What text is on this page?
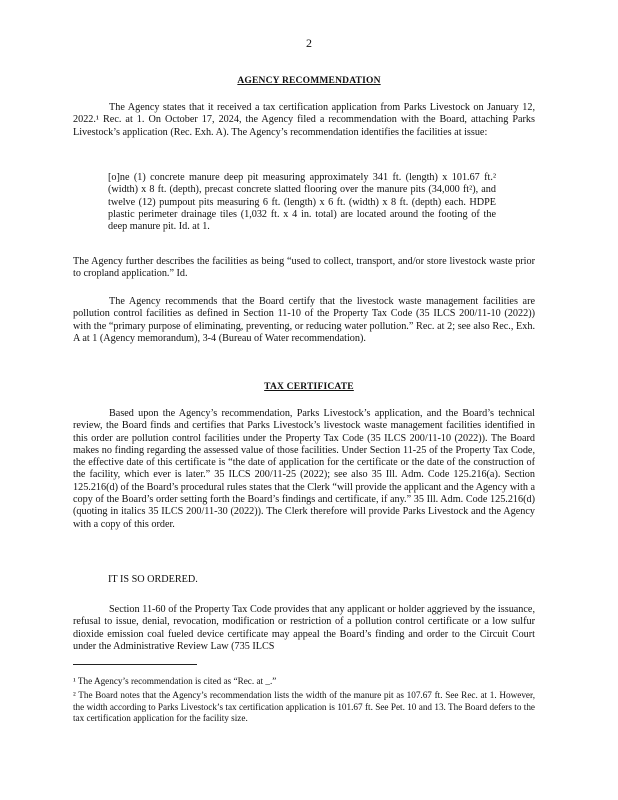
2
AGENCY RECOMMENDATION

The Agency states that it received a tax certification application from Parks Livestock on January 12, 2022.¹ Rec. at 1. On October 17, 2024, the Agency filed a recommendation with the Board, attaching Parks Livestock’s application (Rec. Exh. A). The Agency’s recommendation identifies the facilities at issue:

[o]ne (1) concrete manure deep pit measuring approximately 341 ft. (length) x 101.67 ft.² (width) x 8 ft. (depth), precast concrete slatted flooring over the manure pits (34,000 ft²), and twelve (12) pumpout pits measuring 6 ft. (length) x 6 ft. (width) x 8 ft. (depth) each. HDPE plastic perimeter drainage tiles (1,032 ft. x 4 in. total) are located around the footing of the deep manure pit. Id. at 1.

The Agency further describes the facilities as being “used to collect, transport, and/or store livestock waste prior to cropland application.” Id.

The Agency recommends that the Board certify that the livestock waste management facilities are pollution control facilities as defined in Section 11-10 of the Property Tax Code (35 ILCS 200/11-10 (2022)) with the “primary purpose of eliminating, preventing, or reducing water pollution.” Rec. at 2; see also Rec., Exh. A at 1 (Agency memorandum), 3-4 (Bureau of Water recommendation).

TAX CERTIFICATE

Based upon the Agency’s recommendation, Parks Livestock’s application, and the Board’s technical review, the Board finds and certifies that Parks Livestock’s livestock waste management facilities identified in this order are pollution control facilities under the Property Tax Code (35 ILCS 200/11-10 (2022)). The Board makes no finding regarding the assessed value of those facilities. Under Section 11-25 of the Property Tax Code, the effective date of this certificate is “the date of application for the certificate or the date of the construction of the facility, which ever is later.” 35 ILCS 200/11-25 (2022); see also 35 Ill. Adm. Code 125.216(a). Section 125.216(d) of the Board’s procedural rules states that the Clerk “will provide the applicant and the Agency with a copy of the Board’s order setting forth the Board’s findings and certificate, if any.” 35 Ill. Adm. Code 125.216(d) (quoting in italics 35 ILCS 200/11-30 (2022)). The Clerk therefore will provide Parks Livestock and the Agency with a copy of this order.

IT IS SO ORDERED.

Section 11-60 of the Property Tax Code provides that any applicant or holder aggrieved by the issuance, refusal to issue, denial, revocation, modification or restriction of a pollution control certificate or a low sulfur dioxide emission coal fueled device certificate may appeal the Board’s finding and order to the Circuit Court under the Administrative Review Law (735 ILCS

¹ The Agency’s recommendation is cited as “Rec. at _.”

² The Board notes that the Agency’s recommendation lists the width of the manure pit as 107.67 ft. See Rec. at 1. However, the width according to Parks Livestock’s tax certification application is 101.67 ft. See Pet. 10 and 13. The Board defers to the tax certification application for the facility size.
